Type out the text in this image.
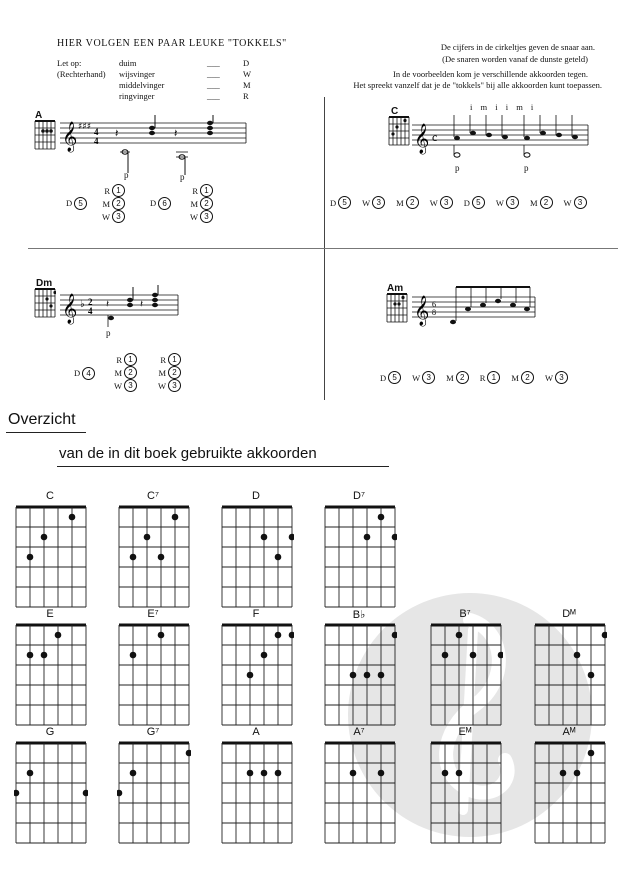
HIER VOLGEN EEN PAAR LEUKE "TOKKELS"
Let op:	duim	___	D
(Rechterhand)	wijsvinger	___	W
middelvinger	___	M
ringvinger	___	R
De cijfers in de cirkeltjes geven de snaar aan.
(De snaren worden vanaf de dunste geteld)
In de voorbeelden kom je verschillende akkoorden tegen.
Het spreekt vanzelf dat je de "tokkels" bij alle akkoorden kunt toepassen.
A
𝄞 ♯♯♯ 4
4
𝄽	𝄽
p	p
D 5
R 1
M 2
W 3
D 6
R 1
M 2
W 3
C	i m i i m i
𝄞 c
p	p
D 5	W 3	M 2	W 3	D 5	W 3	M 2	W 3
Dm
𝄞 ♭ 2
4
𝄽	𝄽
p
D 4
R 1
M 2
W 3
R 1
M 2
W 3
Am
𝄞 6
8
D 5	W 3	M 2	R 1	M 2	W 3
Overzicht
van de in dit boek gebruikte akkoorden
C	C⁷	D	D⁷
E	E⁷	F	B♭	B⁷	Dᴹ
G	G⁷	A	A⁷	Eᴹ	Aᴹ
